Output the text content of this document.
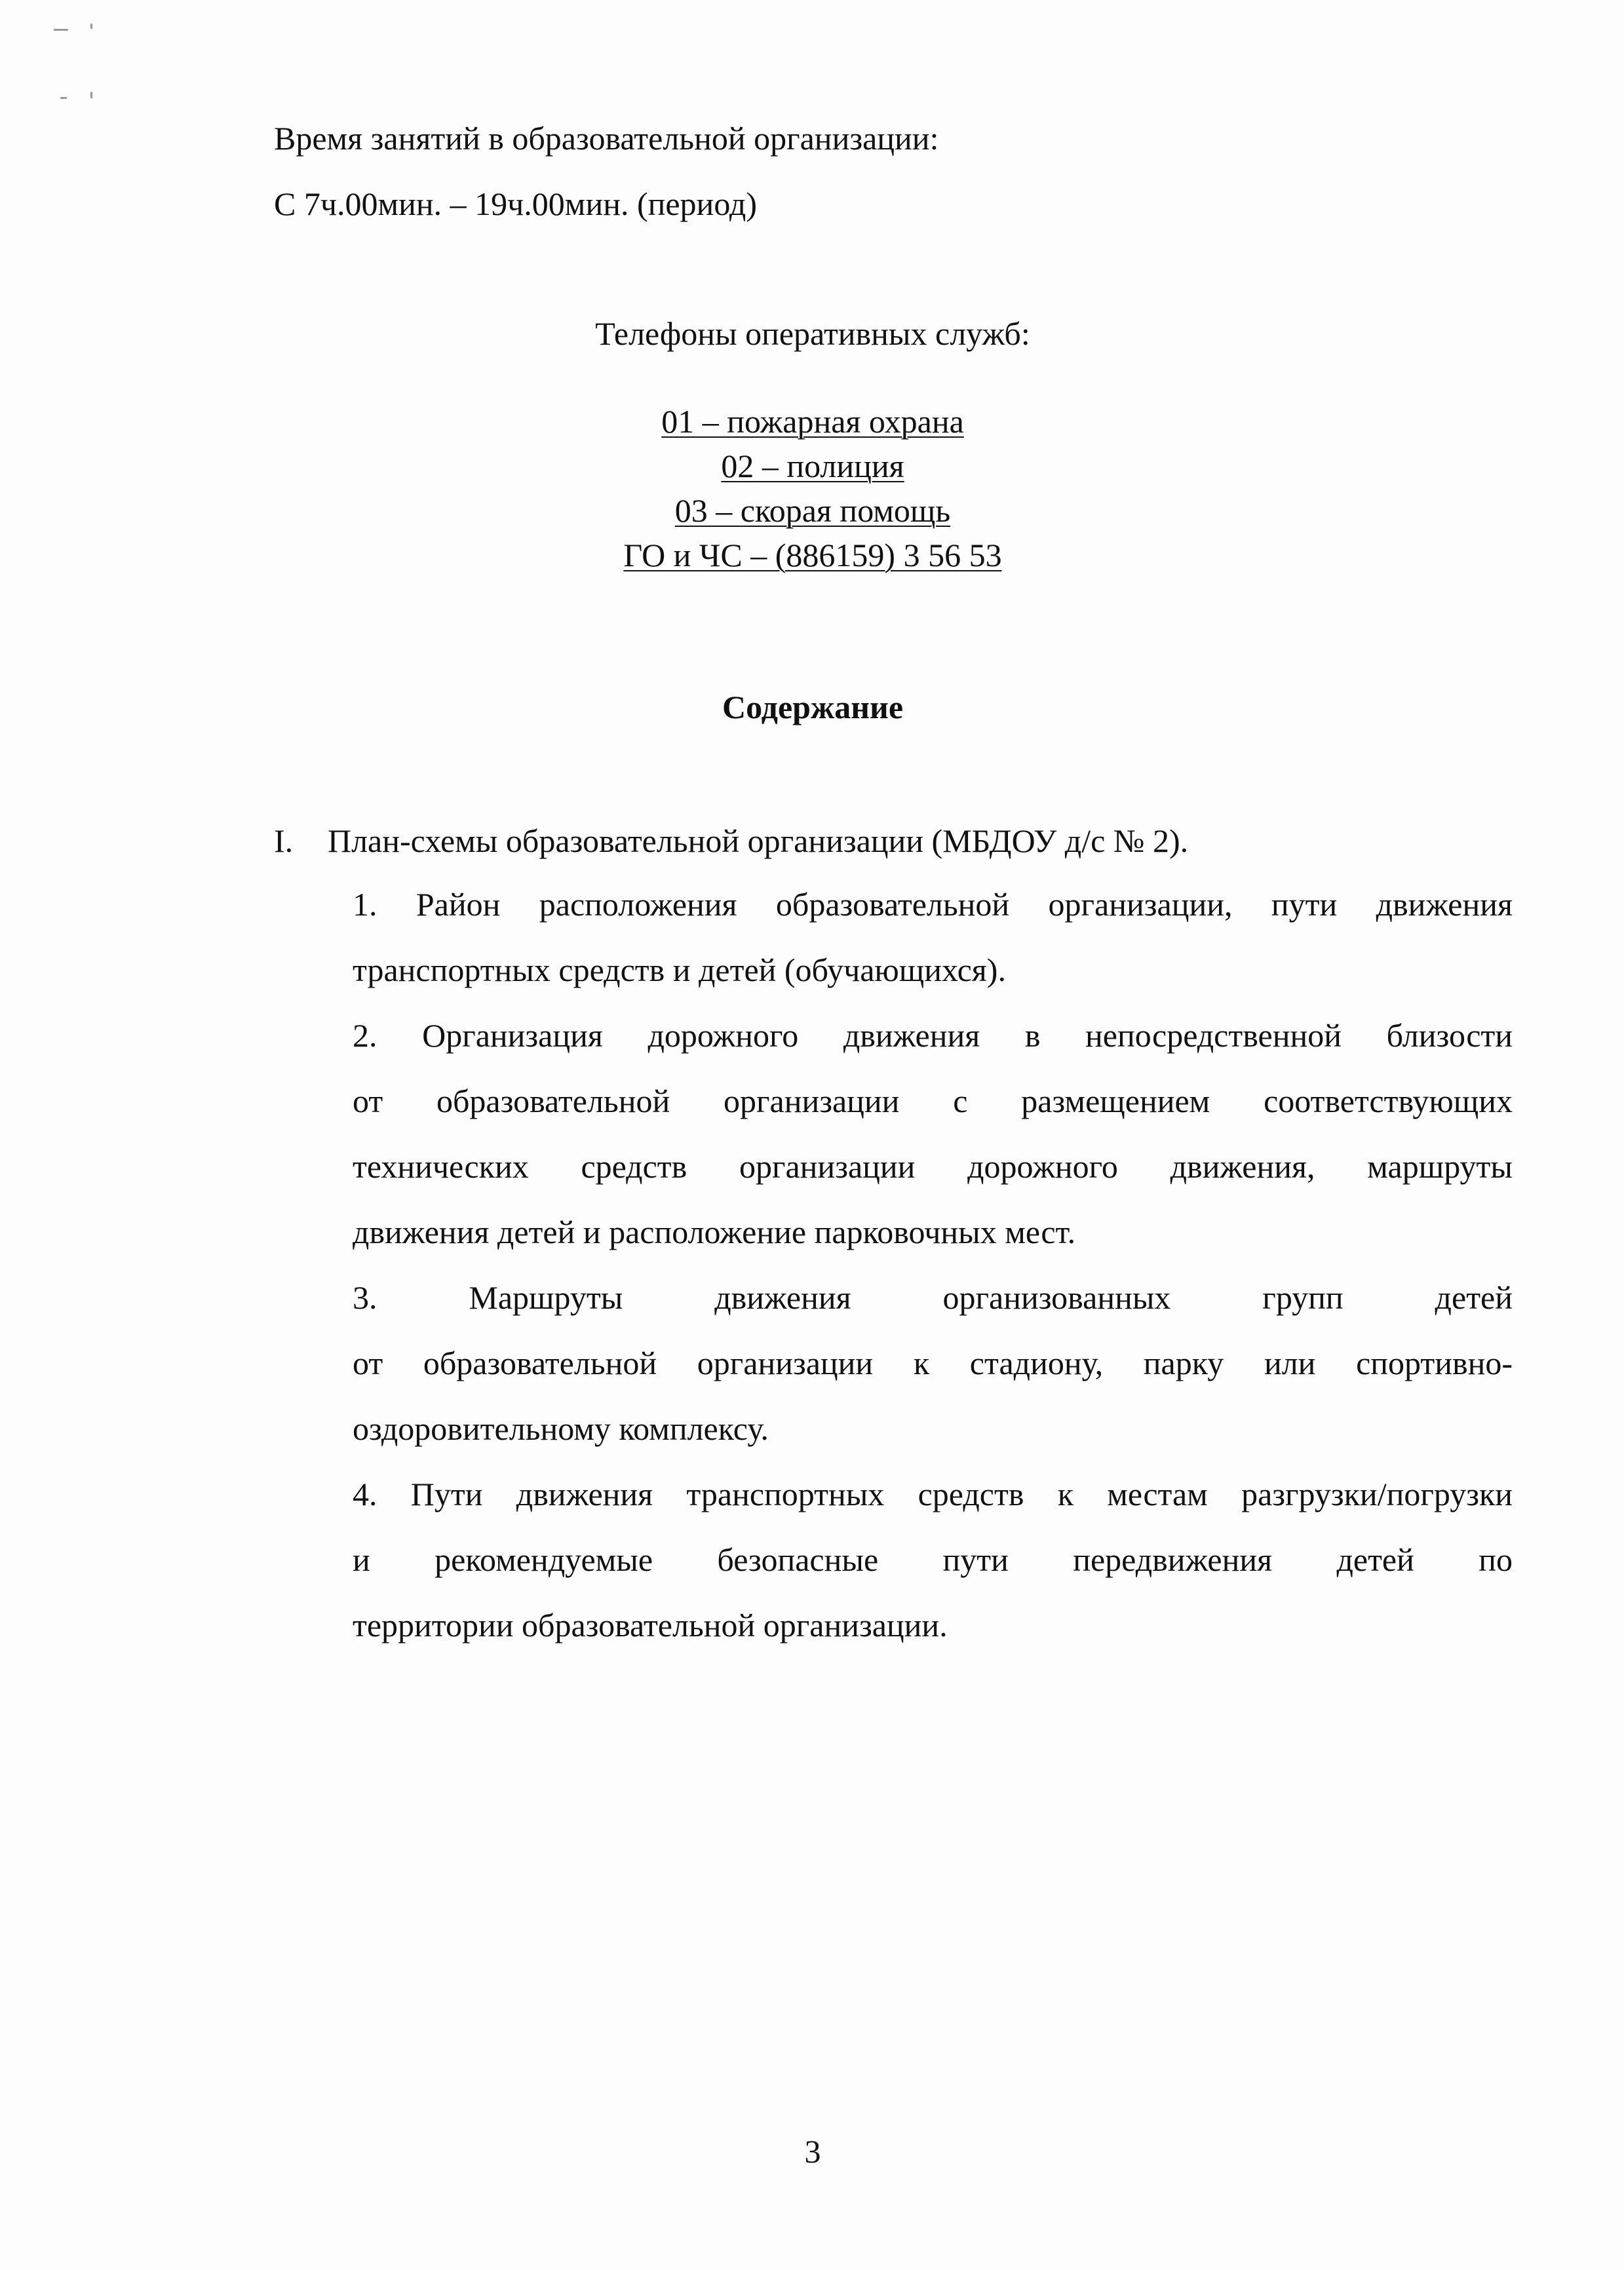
Время занятий в образовательной организации:
С 7ч.00мин. – 19ч.00мин. (период)
Телефоны оперативных служб:
01 – пожарная охрана
02 – полиция
03 – скорая помощь
ГО и ЧС – (886159) 3 56 53
Содержание
I. План-схемы образовательной организации (МБДОУ д/с № 2).
1. Район расположения образовательной организации, пути движения
транспортных средств и детей (обучающихся).
2. Организация дорожного движения в непосредственной близости
от образовательной организации с размещением соответствующих
технических средств организации дорожного движения, маршруты
движения детей и расположение парковочных мест.
3. Маршруты движения организованных групп детей
от образовательной организации к стадиону, парку или спортивно-
оздоровительному комплексу.
4. Пути движения транспортных средств к местам разгрузки/погрузки
и рекомендуемые безопасные пути передвижения детей по
территории образовательной организации.
3
